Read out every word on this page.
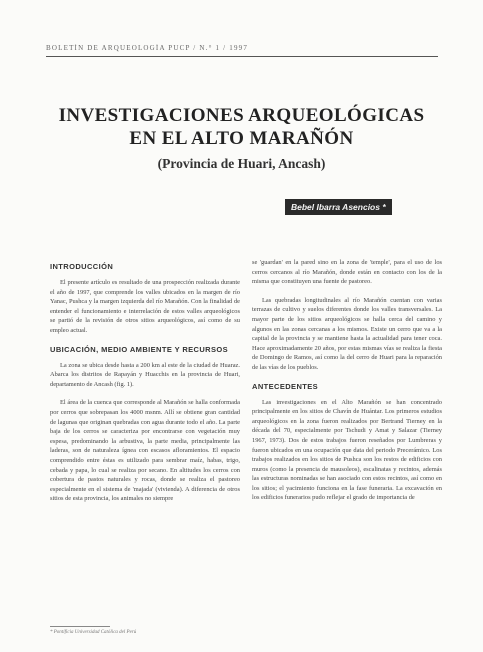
BOLETÍN DE ARQUEOLOGÍA PUCP / N.° 1 / 1997
INVESTIGACIONES ARQUEOLÓGICAS
EN EL ALTO MARAÑÓN
(Provincia de Huari, Ancash)
Bebel Ibarra Asencios *
INTRODUCCIÓN

El presente artículo es resultado de una prospección realizada durante el año de 1997, que comprende los valles ubicados en la margen de río Yanac, Pushca y la margen izquierda del río Marañón. Con la finalidad de entender el funcionamiento e interrelación de estos valles arqueológicos se partió de la revisión de otros sitios arqueológicos, así como de su empleo actual.

UBICACIÓN, MEDIO AMBIENTE Y RECURSOS

La zona se ubica desde hasta a 200 km al este de la ciudad de Huaraz. Abarca los distritos de Rapayán y Huacchis en la provincia de Huari, departamento de Ancash (fig. 1).

El área de la cuenca que corresponde al Marañón se halla conformada por cerros que sobrepasan los 4000 msnm. Allí se obtiene gran cantidad de lagunas que originan quebradas con agua durante todo el año. La parte baja de los cerros se caracteriza por encontrarse con vegetación muy espesa, predominando la arbustiva, la parte media, principalmente las laderas, son de naturaleza ígnea con escasos afloramientos. El espacio comprendido entre éstas es utilizado para sembrar maíz, habas, trigo, cebada y papa, lo cual se realiza por secano. En altitudes los cerros con cobertura de pastos naturales y rocas, donde se realiza el pastoreo especialmente en el sistema de 'majada' (vivienda). A diferencia de otros sitios de esta provincia, los animales no siempre

se 'guardan' en la pared sino en la zona de 'temple', para el uso de los cerros cercanos al río Marañón, donde están en contacto con los de la misma que constituyen una fuente de pastoreo.

Las quebradas longitudinales al río Marañón cuentan con varias terrazas de cultivo y suelos diferentes donde los valles transversales. La mayor parte de los sitios arqueológicos se halla cerca del camino y algunos en las zonas cercanas a los mismos. Existe un cerro que va a la capital de la provincia y se mantiene hasta la actualidad para tener coca. Hace aproximadamente 20 años, por estas mismas vías se realiza la fiesta de Domingo de Ramos, así como la del cerro de Huari para la reparación de las vías de los pueblos.

ANTECEDENTES

Las investigaciones en el Alto Marañón se han concentrado principalmente en los sitios de Chavín de Huántar. Los primeros estudios arqueológicos en la zona fueron realizados por Bertrand Tierney en la década del 70, especialmente por Tschudi y Amat y Salazar (Tierney 1967, 1973). Dos de estos trabajos fueron reseñados por Lumbreras y fueron ubicados en una ocupación que data del periodo Precerámico. Los trabajos realizados en los sitios de Pushca son los restos de edificios con muros (como la presencia de mausoleos), escalinatas y recintos, además las estructuras nominadas se han asociado con estos recintos, así como en los sitios; el yacimiento funciona en la fase funeraria. La excavación en los edificios funerarios pudo reflejar el grado de importancia de

* Pontificia Universidad Católica del Perú
